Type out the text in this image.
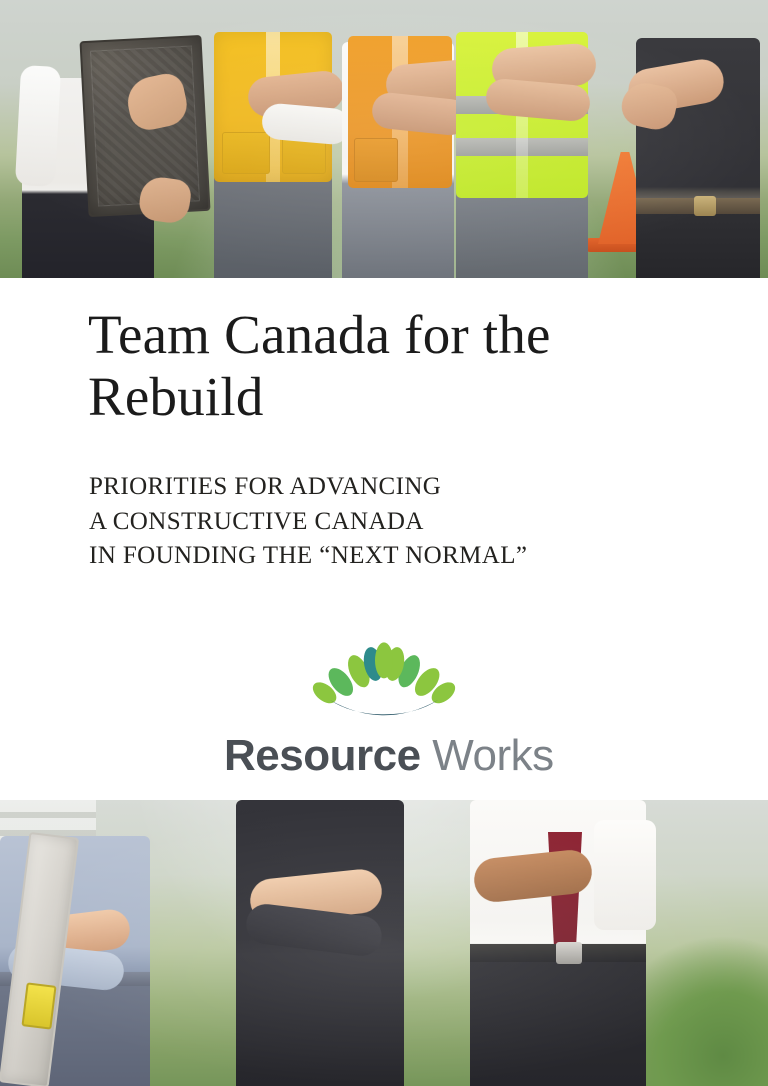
Team Canada for the Rebuild
PRIORITIES FOR ADVANCING
A CONSTRUCTIVE CANADA
IN FOUNDING THE “NEXT NORMAL”
Resource Works
